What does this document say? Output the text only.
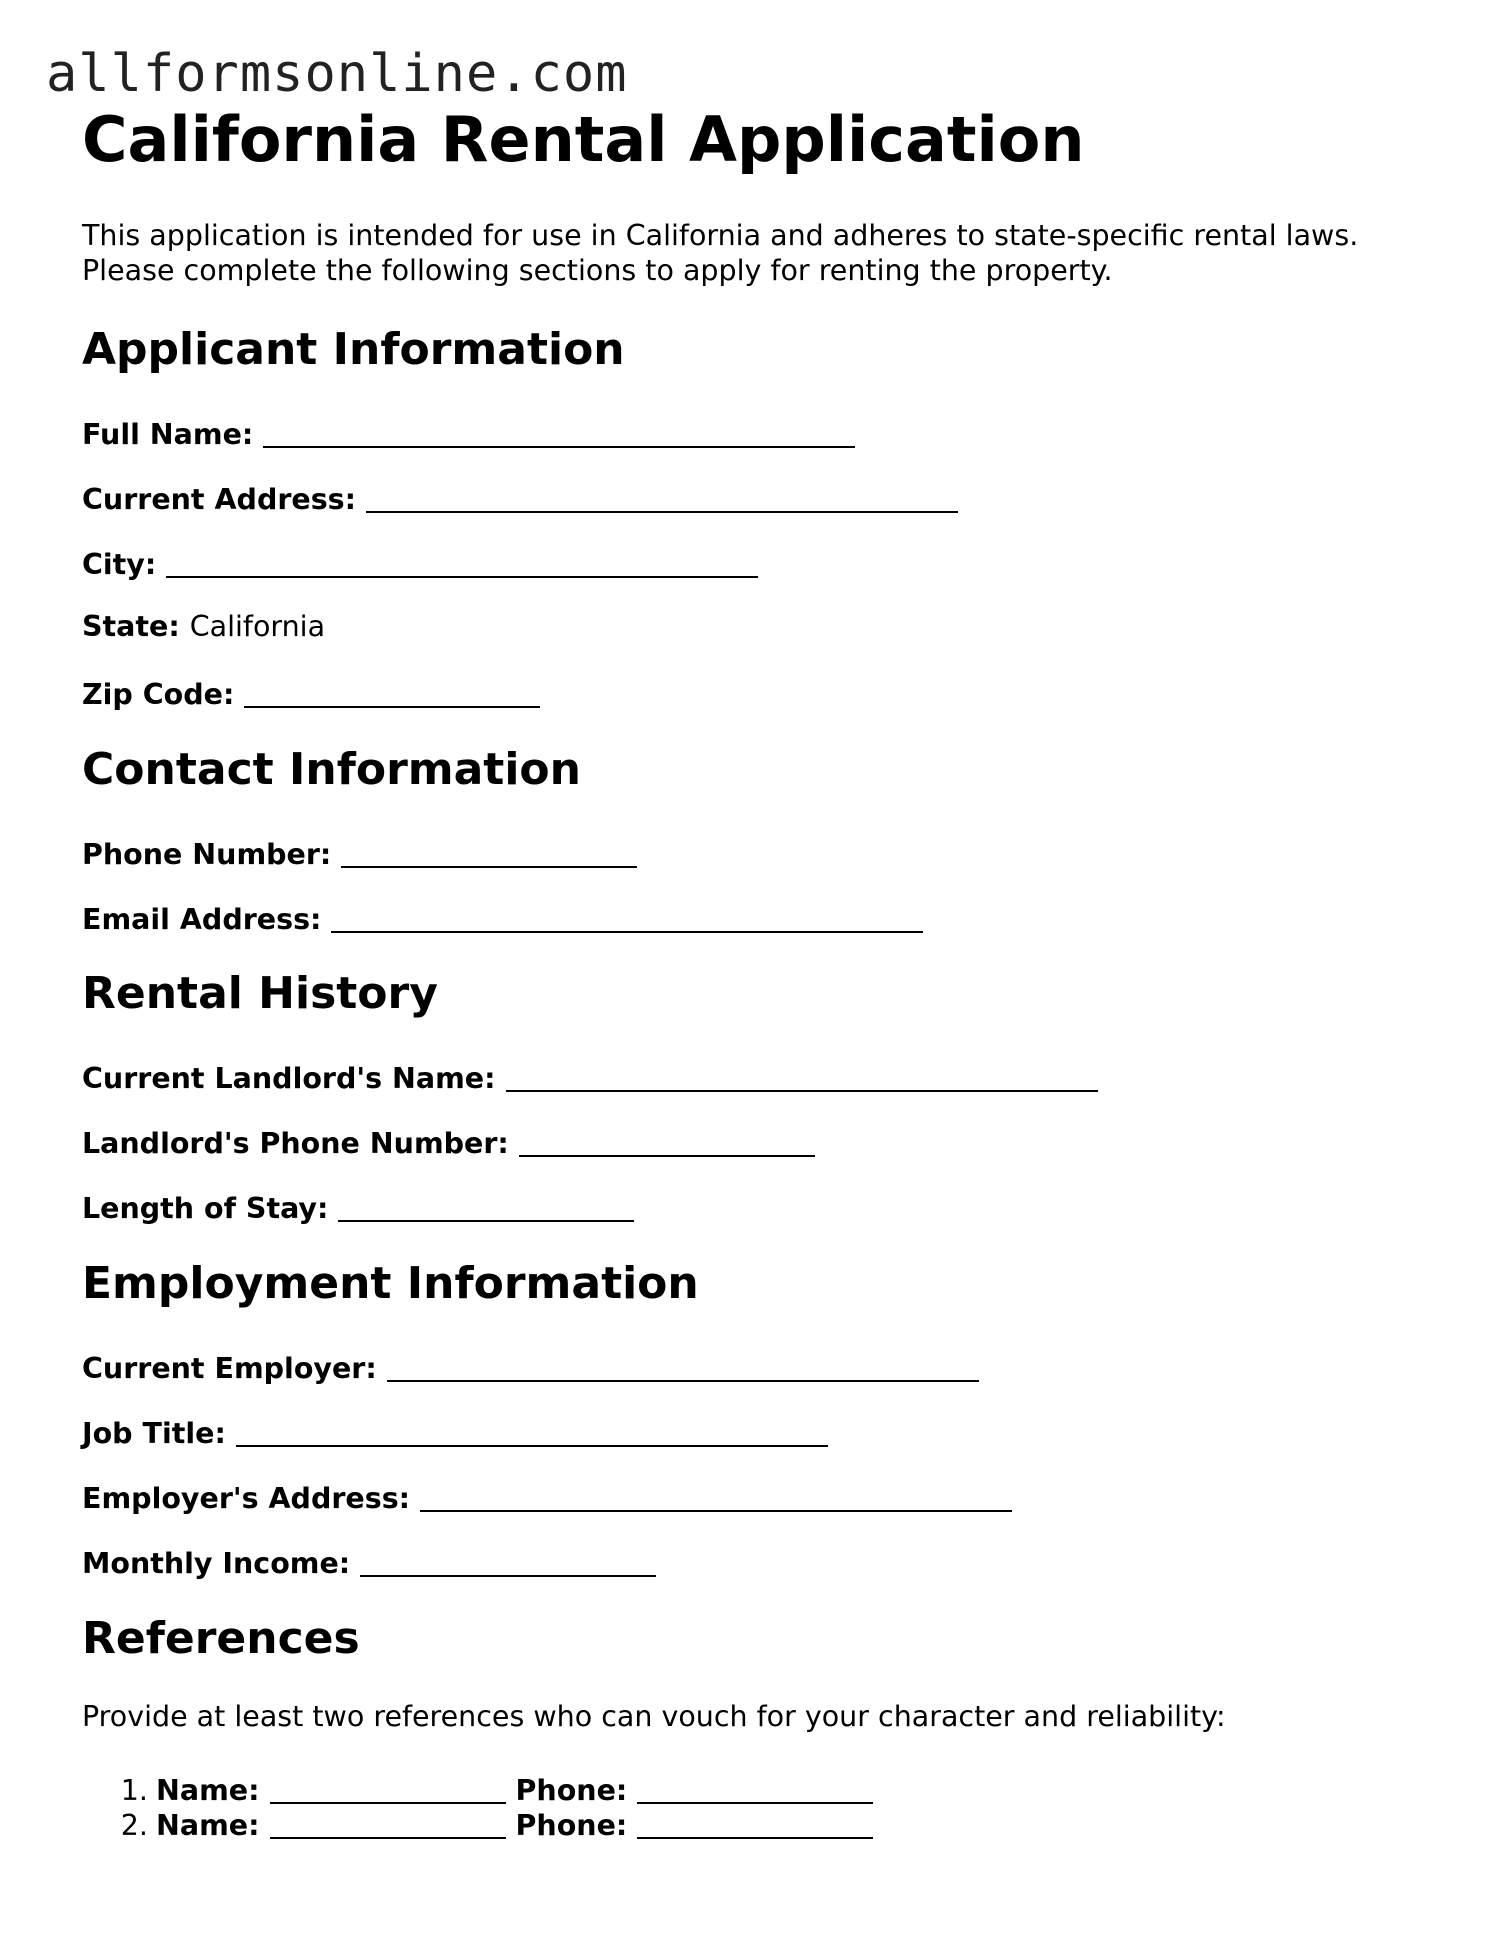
allformsonline.com
California Rental Application

This application is intended for use in California and adheres to state-specific rental laws.
Please complete the following sections to apply for renting the property.

Applicant Information
Full Name:
Current Address:
City:
State: California
Zip Code:
Contact Information
Phone Number:
Email Address:
Rental History
Current Landlord's Name:
Landlord's Phone Number:
Length of Stay:
Employment Information
Current Employer:
Job Title:
Employer's Address:
Monthly Income:
References

Provide at least two references who can vouch for your character and reliability:

1. Name:	Phone:
2. Name:	Phone:
